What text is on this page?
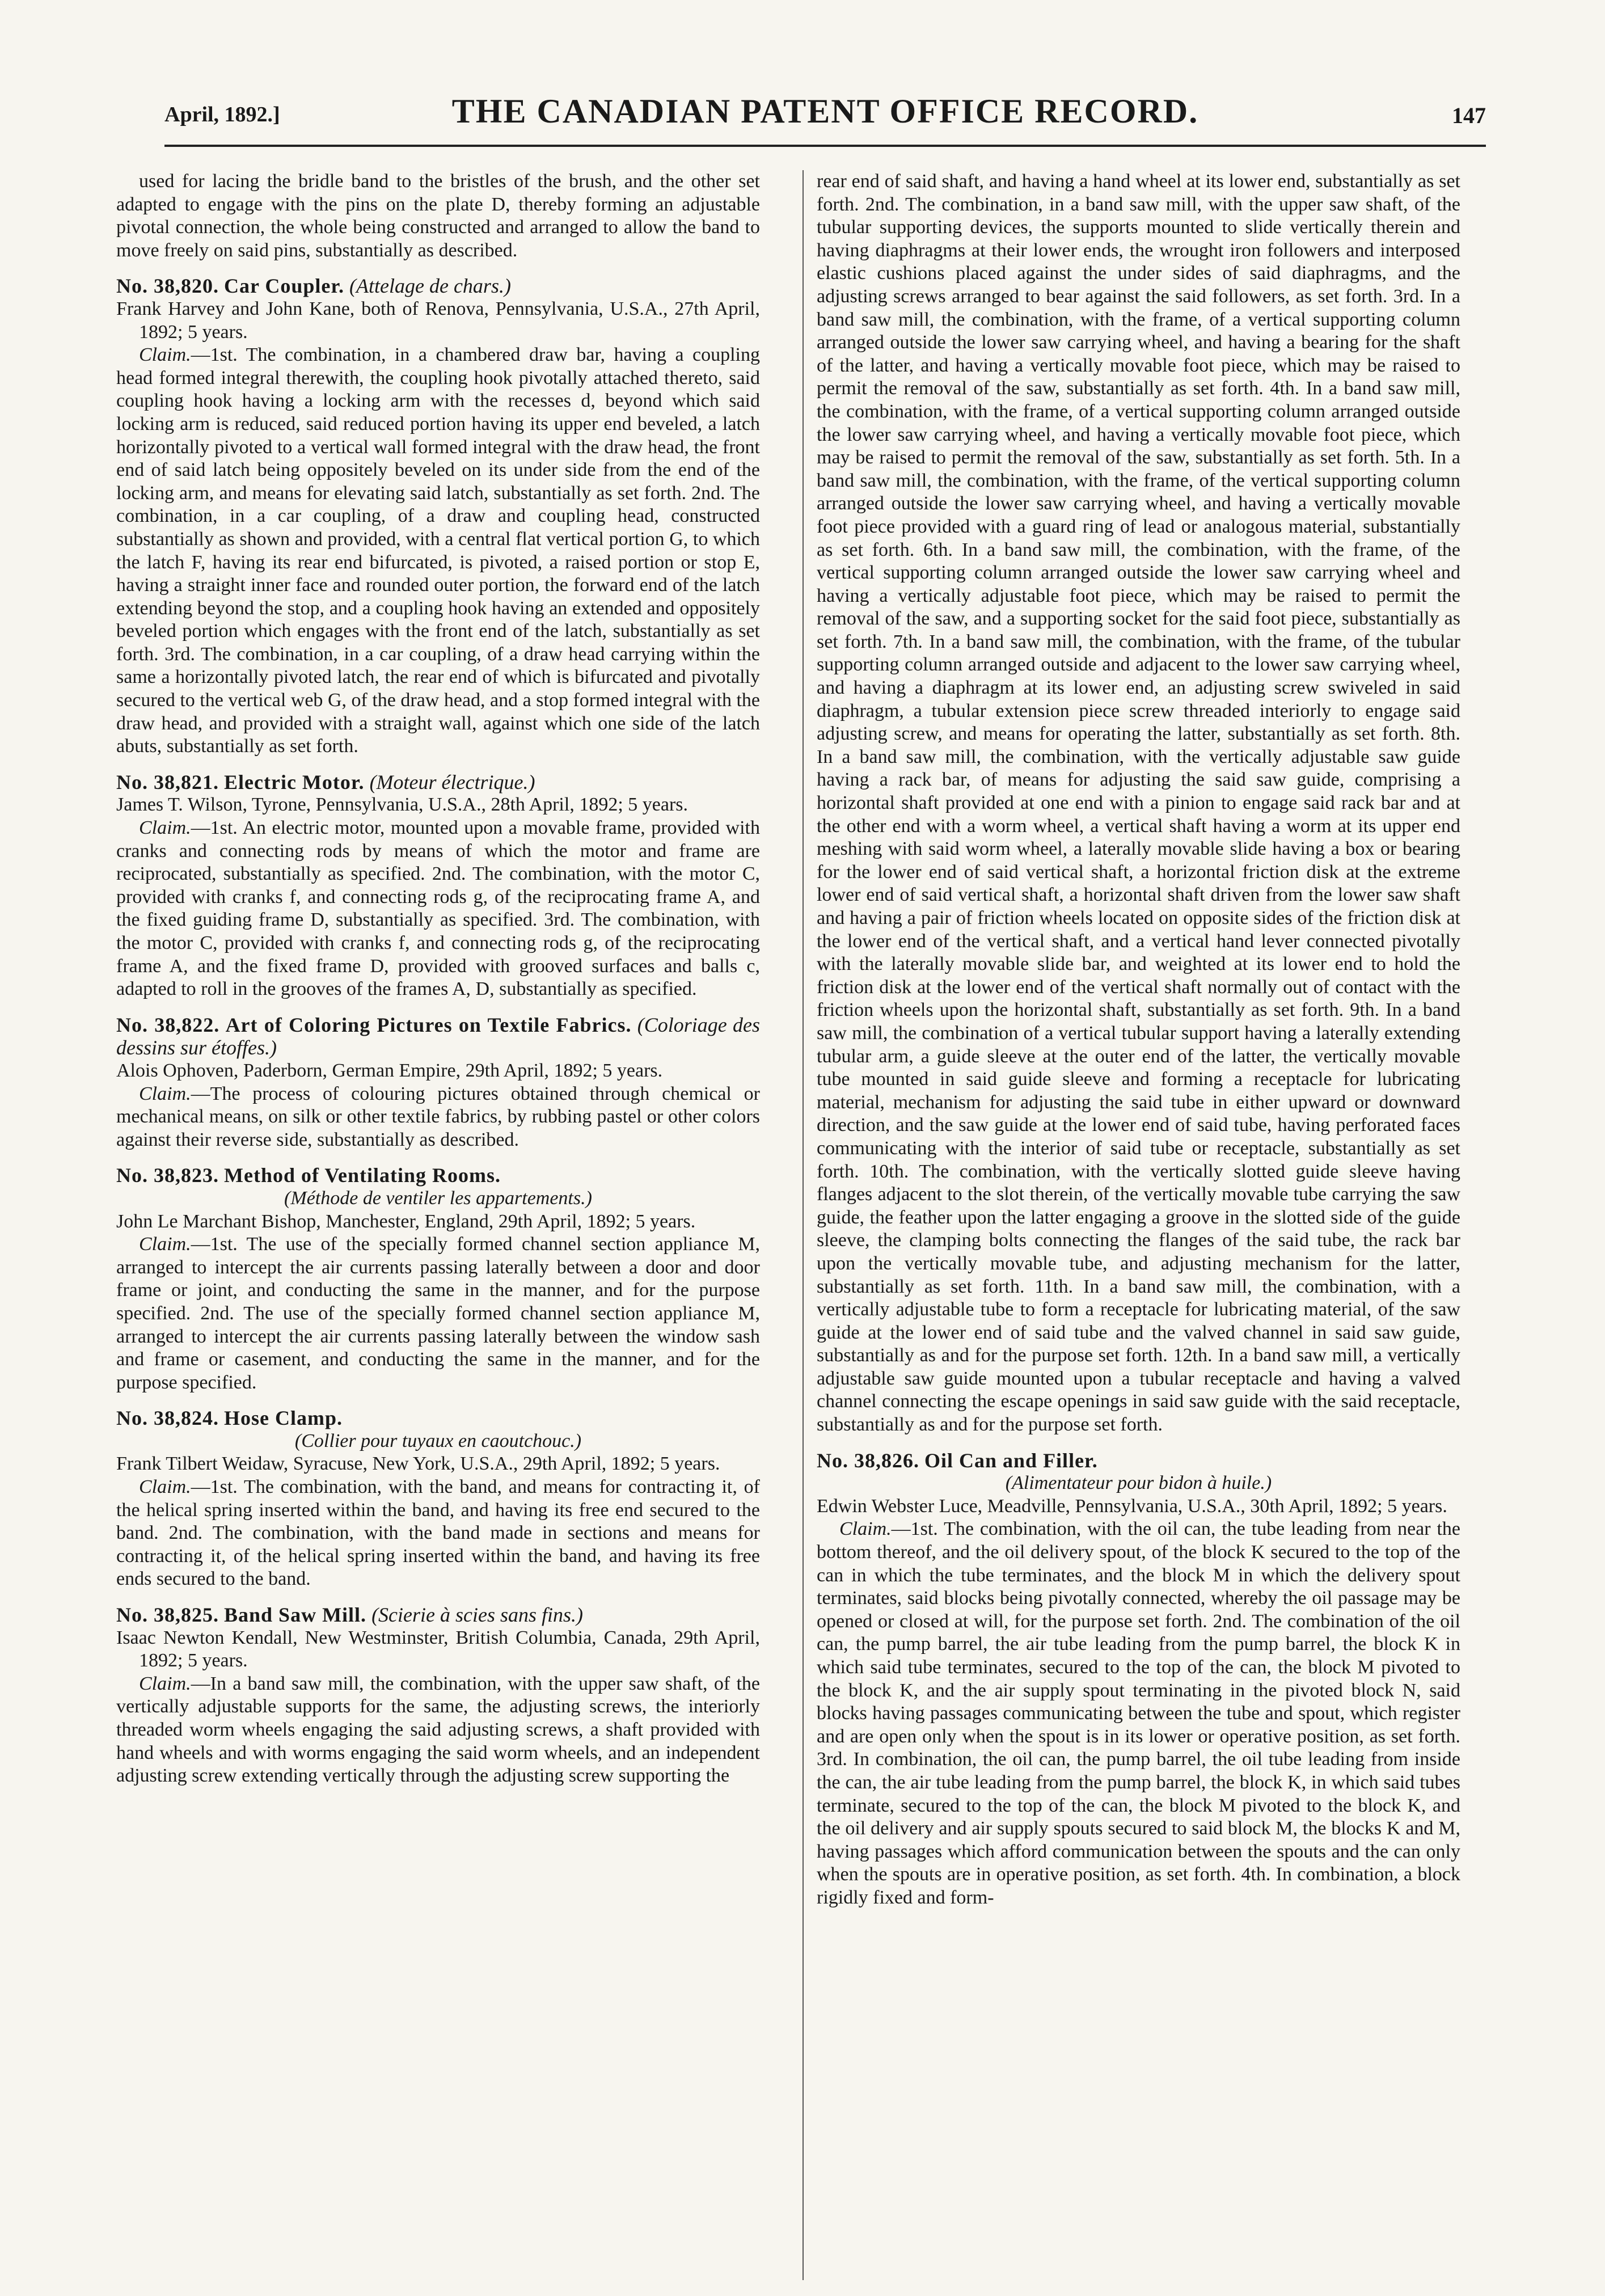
April, 1892.]	THE CANADIAN PATENT OFFICE RECORD.	147

used for lacing the bridle band to the bristles of the brush, and the other set adapted to engage with the pins on the plate D, thereby forming an adjustable pivotal connection, the whole being constructed and arranged to allow the band to move freely on said pins, substantially as described.

No. 38,820. Car Coupler. (Attelage de chars.)

Frank Harvey and John Kane, both of Renova, Pennsylvania, U.S.A., 27th April, 1892; 5 years.

Claim.—1st. The combination, in a chambered draw bar, having a coupling head formed integral therewith, the coupling hook pivotally attached thereto, said coupling hook having a locking arm with the recesses d, beyond which said locking arm is reduced, said reduced portion having its upper end beveled, a latch horizontally pivoted to a vertical wall formed integral with the draw head, the front end of said latch being oppositely beveled on its under side from the end of the locking arm, and means for elevating said latch, substantially as set forth. 2nd. The combination, in a car coupling, of a draw and coupling head, constructed substantially as shown and provided, with a central flat vertical portion G, to which the latch F, having its rear end bifurcated, is pivoted, a raised portion or stop E, having a straight inner face and rounded outer portion, the forward end of the latch extending beyond the stop, and a coupling hook having an extended and oppositely beveled portion which engages with the front end of the latch, substantially as set forth. 3rd. The combination, in a car coupling, of a draw head carrying within the same a horizontally pivoted latch, the rear end of which is bifurcated and pivotally secured to the vertical web G, of the draw head, and a stop formed integral with the draw head, and provided with a straight wall, against which one side of the latch abuts, substantially as set forth.

No. 38,821. Electric Motor. (Moteur électrique.)

James T. Wilson, Tyrone, Pennsylvania, U.S.A., 28th April, 1892; 5 years.

Claim.—1st. An electric motor, mounted upon a movable frame, provided with cranks and connecting rods by means of which the motor and frame are reciprocated, substantially as specified. 2nd. The combination, with the motor C, provided with cranks f, and connecting rods g, of the reciprocating frame A, and the fixed guiding frame D, substantially as specified. 3rd. The combination, with the motor C, provided with cranks f, and connecting rods g, of the reciprocating frame A, and the fixed frame D, provided with grooved surfaces and balls c, adapted to roll in the grooves of the frames A, D, substantially as specified.

No. 38,822. Art of Coloring Pictures on Textile Fabrics. (Coloriage des dessins sur étoffes.)

Alois Ophoven, Paderborn, German Empire, 29th April, 1892; 5 years.

Claim.—The process of colouring pictures obtained through chemical or mechanical means, on silk or other textile fabrics, by rubbing pastel or other colors against their reverse side, substantially as described.

No. 38,823. Method of Ventilating Rooms.

(Méthode de ventiler les appartements.)

John Le Marchant Bishop, Manchester, England, 29th April, 1892; 5 years.

Claim.—1st. The use of the specially formed channel section appliance M, arranged to intercept the air currents passing laterally between a door and door frame or joint, and conducting the same in the manner, and for the purpose specified. 2nd. The use of the specially formed channel section appliance M, arranged to intercept the air currents passing laterally between the window sash and frame or casement, and conducting the same in the manner, and for the purpose specified.

No. 38,824. Hose Clamp.

(Collier pour tuyaux en caoutchouc.)

Frank Tilbert Weidaw, Syracuse, New York, U.S.A., 29th April, 1892; 5 years.

Claim.—1st. The combination, with the band, and means for contracting it, of the helical spring inserted within the band, and having its free end secured to the band. 2nd. The combination, with the band made in sections and means for contracting it, of the helical spring inserted within the band, and having its free ends secured to the band.

No. 38,825. Band Saw Mill. (Scierie à scies sans fins.)

Isaac Newton Kendall, New Westminster, British Columbia, Canada, 29th April, 1892; 5 years.

Claim.—In a band saw mill, the combination, with the upper saw shaft, of the vertically adjustable supports for the same, the adjusting screws, the interiorly threaded worm wheels engaging the said adjusting screws, a shaft provided with hand wheels and with worms engaging the said worm wheels, and an independent adjusting screw extending vertically through the adjusting screw supporting the

rear end of said shaft, and having a hand wheel at its lower end, substantially as set forth. 2nd. The combination, in a band saw mill, with the upper saw shaft, of the tubular supporting devices, the supports mounted to slide vertically therein and having diaphragms at their lower ends, the wrought iron followers and interposed elastic cushions placed against the under sides of said diaphragms, and the adjusting screws arranged to bear against the said followers, as set forth. 3rd. In a band saw mill, the combination, with the frame, of a vertical supporting column arranged outside the lower saw carrying wheel, and having a bearing for the shaft of the latter, and having a vertically movable foot piece, which may be raised to permit the removal of the saw, substantially as set forth. 4th. In a band saw mill, the combination, with the frame, of a vertical supporting column arranged outside the lower saw carrying wheel, and having a vertically movable foot piece, which may be raised to permit the removal of the saw, substantially as set forth. 5th. In a band saw mill, the combination, with the frame, of the vertical supporting column arranged outside the lower saw carrying wheel, and having a vertically movable foot piece provided with a guard ring of lead or analogous material, substantially as set forth. 6th. In a band saw mill, the combination, with the frame, of the vertical supporting column arranged outside the lower saw carrying wheel and having a vertically adjustable foot piece, which may be raised to permit the removal of the saw, and a supporting socket for the said foot piece, substantially as set forth. 7th. In a band saw mill, the combination, with the frame, of the tubular supporting column arranged outside and adjacent to the lower saw carrying wheel, and having a diaphragm at its lower end, an adjusting screw swiveled in said diaphragm, a tubular extension piece screw threaded interiorly to engage said adjusting screw, and means for operating the latter, substantially as set forth. 8th. In a band saw mill, the combination, with the vertically adjustable saw guide having a rack bar, of means for adjusting the said saw guide, comprising a horizontal shaft provided at one end with a pinion to engage said rack bar and at the other end with a worm wheel, a vertical shaft having a worm at its upper end meshing with said worm wheel, a laterally movable slide having a box or bearing for the lower end of said vertical shaft, a horizontal friction disk at the extreme lower end of said vertical shaft, a horizontal shaft driven from the lower saw shaft and having a pair of friction wheels located on opposite sides of the friction disk at the lower end of the vertical shaft, and a vertical hand lever connected pivotally with the laterally movable slide bar, and weighted at its lower end to hold the friction disk at the lower end of the vertical shaft normally out of contact with the friction wheels upon the horizontal shaft, substantially as set forth. 9th. In a band saw mill, the combination of a vertical tubular support having a laterally extending tubular arm, a guide sleeve at the outer end of the latter, the vertically movable tube mounted in said guide sleeve and forming a receptacle for lubricating material, mechanism for adjusting the said tube in either upward or downward direction, and the saw guide at the lower end of said tube, having perforated faces communicating with the interior of said tube or receptacle, substantially as set forth. 10th. The combination, with the vertically slotted guide sleeve having flanges adjacent to the slot therein, of the vertically movable tube carrying the saw guide, the feather upon the latter engaging a groove in the slotted side of the guide sleeve, the clamping bolts connecting the flanges of the said tube, the rack bar upon the vertically movable tube, and adjusting mechanism for the latter, substantially as set forth. 11th. In a band saw mill, the combination, with a vertically adjustable tube to form a receptacle for lubricating material, of the saw guide at the lower end of said tube and the valved channel in said saw guide, substantially as and for the purpose set forth. 12th. In a band saw mill, a vertically adjustable saw guide mounted upon a tubular receptacle and having a valved channel connecting the escape openings in said saw guide with the said receptacle, substantially as and for the purpose set forth.

No. 38,826. Oil Can and Filler.

(Alimentateur pour bidon à huile.)

Edwin Webster Luce, Meadville, Pennsylvania, U.S.A., 30th April, 1892; 5 years.

Claim.—1st. The combination, with the oil can, the tube leading from near the bottom thereof, and the oil delivery spout, of the block K secured to the top of the can in which the tube terminates, and the block M in which the delivery spout terminates, said blocks being pivotally connected, whereby the oil passage may be opened or closed at will, for the purpose set forth. 2nd. The combination of the oil can, the pump barrel, the air tube leading from the pump barrel, the block K in which said tube terminates, secured to the top of the can, the block M pivoted to the block K, and the air supply spout terminating in the pivoted block N, said blocks having passages communicating between the tube and spout, which register and are open only when the spout is in its lower or operative position, as set forth. 3rd. In combination, the oil can, the pump barrel, the oil tube leading from inside the can, the air tube leading from the pump barrel, the block K, in which said tubes terminate, secured to the top of the can, the block M pivoted to the block K, and the oil delivery and air supply spouts secured to said block M, the blocks K and M, having passages which afford communication between the spouts and the can only when the spouts are in operative position, as set forth. 4th. In combination, a block rigidly fixed and form-
